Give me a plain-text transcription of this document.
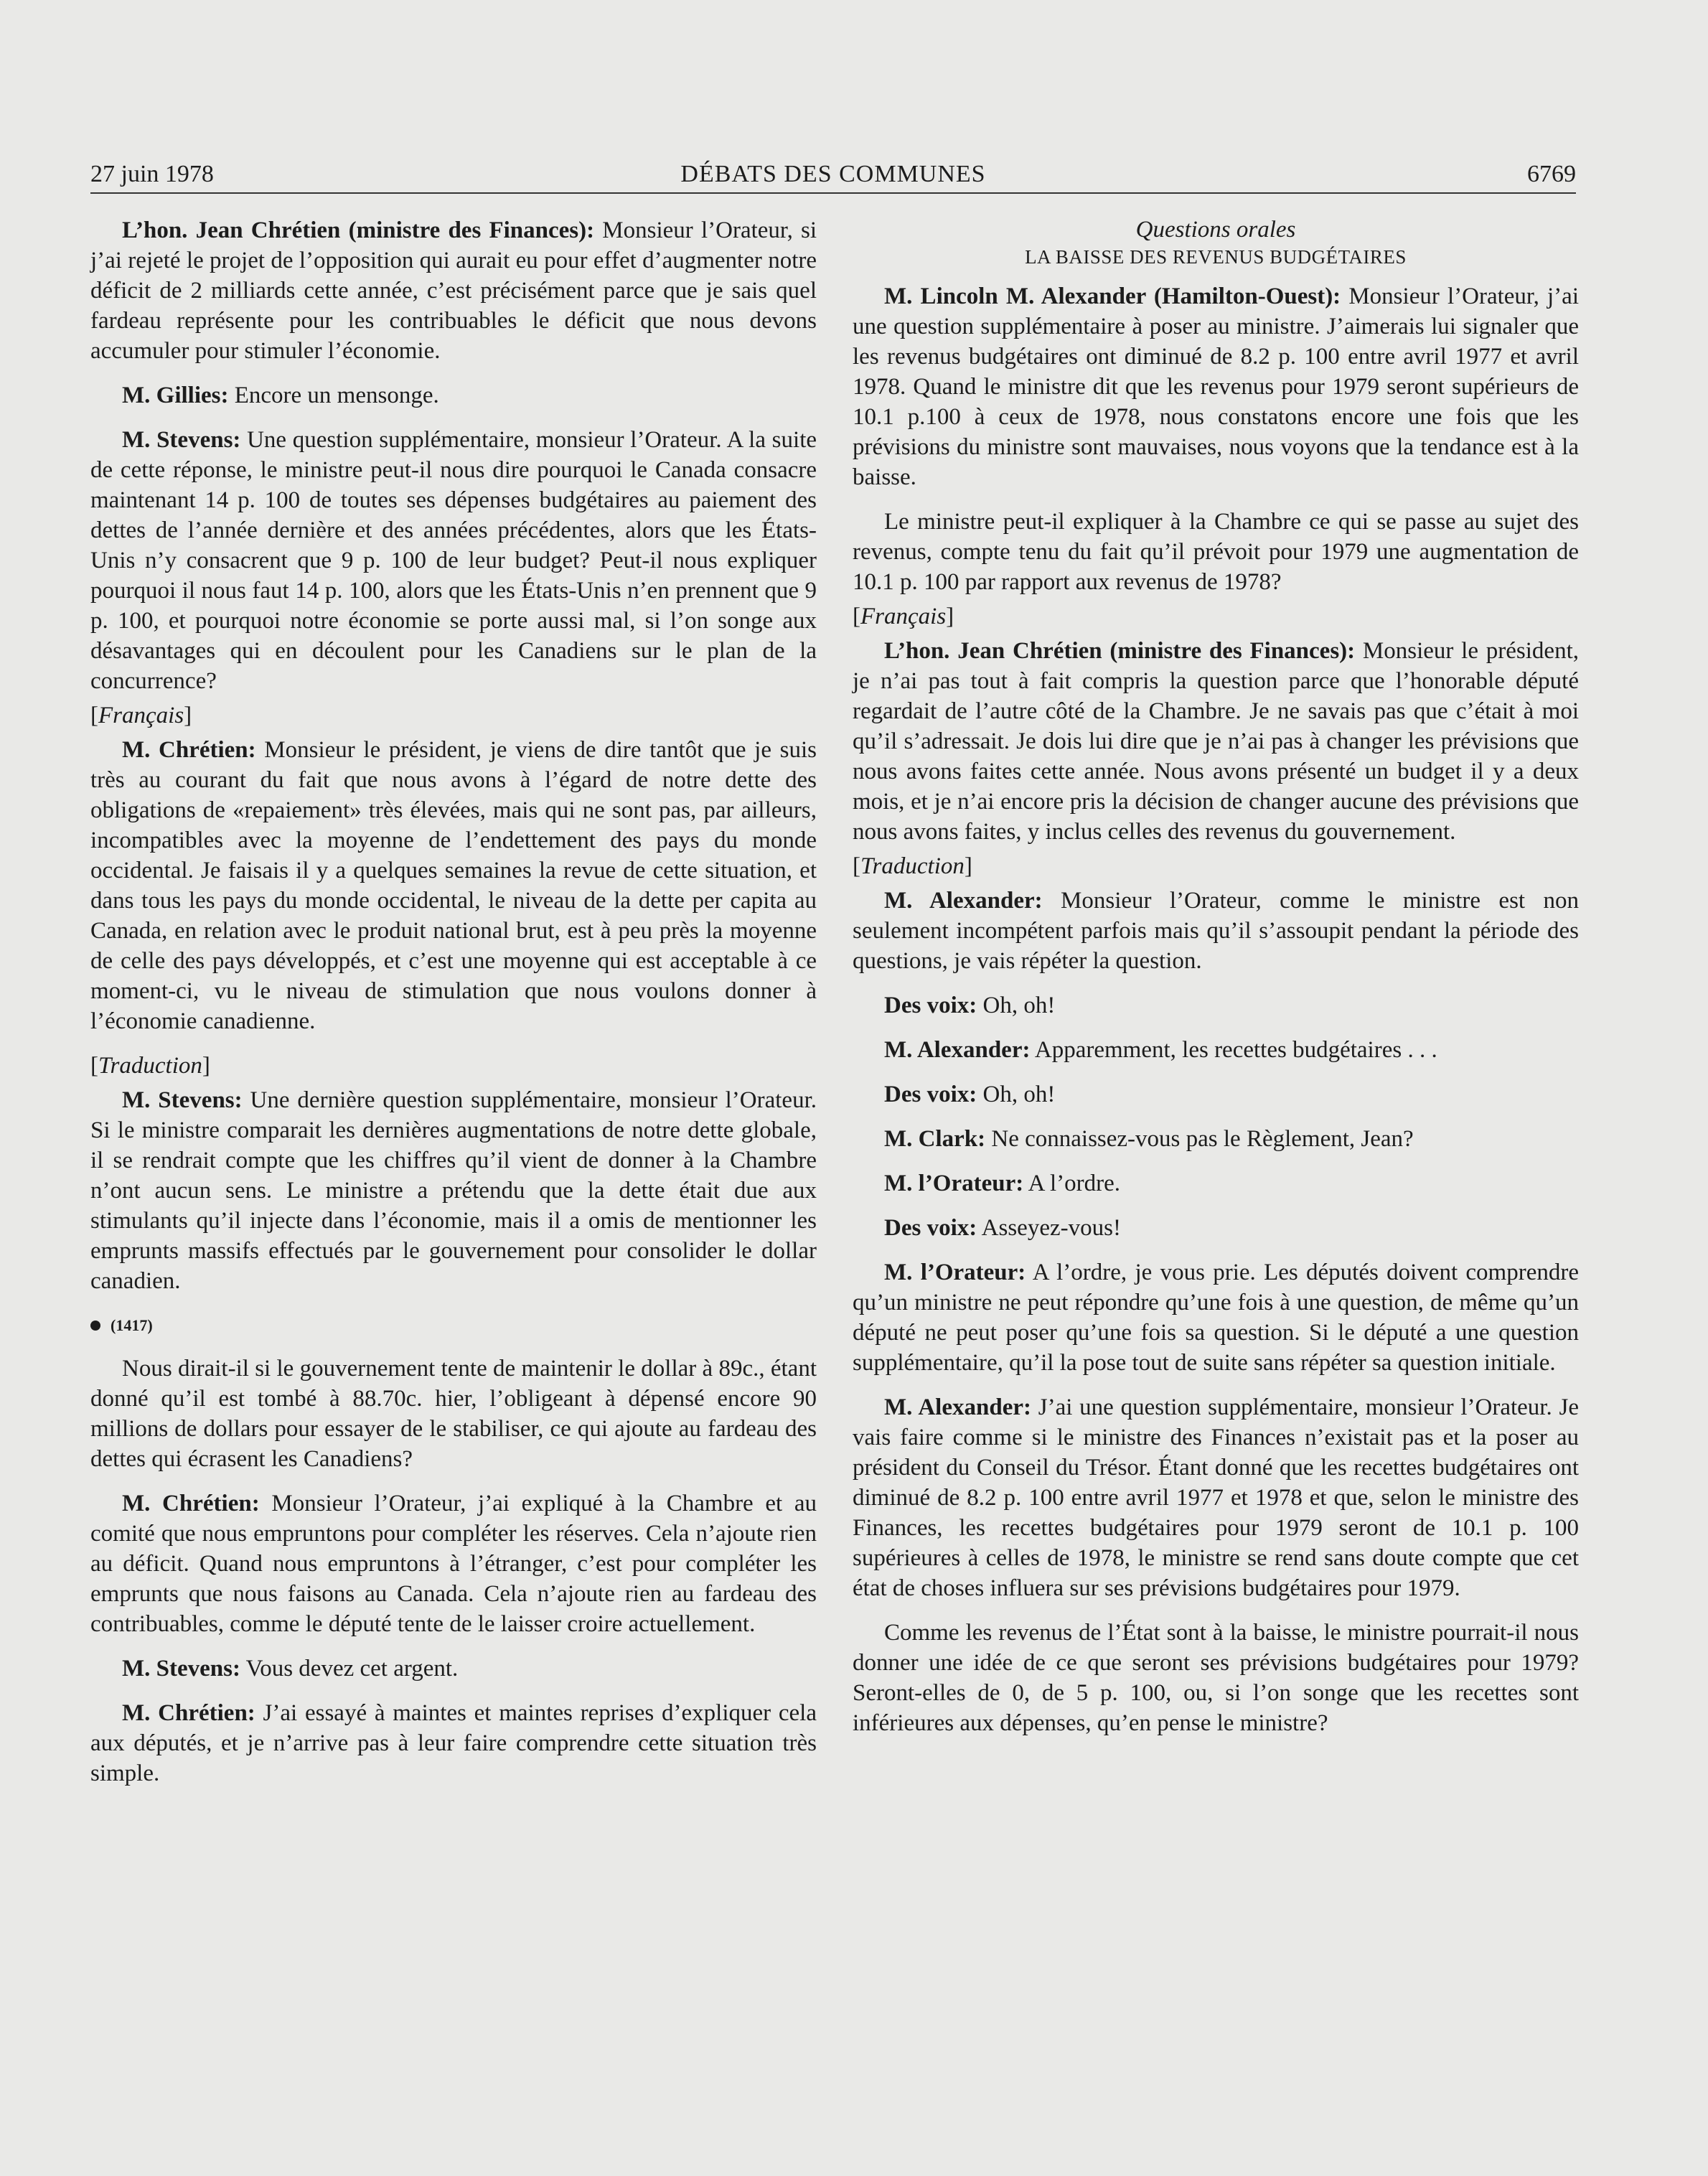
27 juin 1978	DÉBATS DES COMMUNES	6769

L’hon. Jean Chrétien (ministre des Finances): Monsieur l’Orateur, si j’ai rejeté le projet de l’opposition qui aurait eu pour effet d’augmenter notre déficit de 2 milliards cette année, c’est précisément parce que je sais quel fardeau représente pour les contribuables le déficit que nous devons accumuler pour stimuler l’économie.

M. Gillies: Encore un mensonge.

M. Stevens: Une question supplémentaire, monsieur l’Orateur. A la suite de cette réponse, le ministre peut-il nous dire pourquoi le Canada consacre maintenant 14 p. 100 de toutes ses dépenses budgétaires au paiement des dettes de l’année dernière et des années précédentes, alors que les États-Unis n’y consacrent que 9 p. 100 de leur budget? Peut-il nous expliquer pourquoi il nous faut 14 p. 100, alors que les États-Unis n’en prennent que 9 p. 100, et pourquoi notre économie se porte aussi mal, si l’on songe aux désavantages qui en découlent pour les Canadiens sur le plan de la concurrence?

[Français]

M. Chrétien: Monsieur le président, je viens de dire tantôt que je suis très au courant du fait que nous avons à l’égard de notre dette des obligations de «repaiement» très élevées, mais qui ne sont pas, par ailleurs, incompatibles avec la moyenne de l’endettement des pays du monde occidental. Je faisais il y a quelques semaines la revue de cette situation, et dans tous les pays du monde occidental, le niveau de la dette per capita au Canada, en relation avec le produit national brut, est à peu près la moyenne de celle des pays développés, et c’est une moyenne qui est acceptable à ce moment-ci, vu le niveau de stimulation que nous voulons donner à l’économie canadienne.

[Traduction]

M. Stevens: Une dernière question supplémentaire, monsieur l’Orateur. Si le ministre comparait les dernières augmentations de notre dette globale, il se rendrait compte que les chiffres qu’il vient de donner à la Chambre n’ont aucun sens. Le ministre a prétendu que la dette était due aux stimulants qu’il injecte dans l’économie, mais il a omis de mentionner les emprunts massifs effectués par le gouvernement pour consolider le dollar canadien.

(1417)

Nous dirait-il si le gouvernement tente de maintenir le dollar à 89c., étant donné qu’il est tombé à 88.70c. hier, l’obligeant à dépensé encore 90 millions de dollars pour essayer de le stabiliser, ce qui ajoute au fardeau des dettes qui écrasent les Canadiens?

M. Chrétien: Monsieur l’Orateur, j’ai expliqué à la Chambre et au comité que nous empruntons pour compléter les réserves. Cela n’ajoute rien au déficit. Quand nous empruntons à l’étranger, c’est pour compléter les emprunts que nous faisons au Canada. Cela n’ajoute rien au fardeau des contribuables, comme le député tente de le laisser croire actuellement.

M. Stevens: Vous devez cet argent.

M. Chrétien: J’ai essayé à maintes et maintes reprises d’expliquer cela aux députés, et je n’arrive pas à leur faire comprendre cette situation très simple.

Questions orales
LA BAISSE DES REVENUS BUDGÉTAIRES

M. Lincoln M. Alexander (Hamilton-Ouest): Monsieur l’Orateur, j’ai une question supplémentaire à poser au ministre. J’aimerais lui signaler que les revenus budgétaires ont diminué de 8.2 p. 100 entre avril 1977 et avril 1978. Quand le ministre dit que les revenus pour 1979 seront supérieurs de 10.1 p.100 à ceux de 1978, nous constatons encore une fois que les prévisions du ministre sont mauvaises, nous voyons que la tendance est à la baisse.

Le ministre peut-il expliquer à la Chambre ce qui se passe au sujet des revenus, compte tenu du fait qu’il prévoit pour 1979 une augmentation de 10.1 p. 100 par rapport aux revenus de 1978?

[Français]

L’hon. Jean Chrétien (ministre des Finances): Monsieur le président, je n’ai pas tout à fait compris la question parce que l’honorable député regardait de l’autre côté de la Chambre. Je ne savais pas que c’était à moi qu’il s’adressait. Je dois lui dire que je n’ai pas à changer les prévisions que nous avons faites cette année. Nous avons présenté un budget il y a deux mois, et je n’ai encore pris la décision de changer aucune des prévisions que nous avons faites, y inclus celles des revenus du gouvernement.

[Traduction]

M. Alexander: Monsieur l’Orateur, comme le ministre est non seulement incompétent parfois mais qu’il s’assoupit pendant la période des questions, je vais répéter la question.

Des voix: Oh, oh!

M. Alexander: Apparemment, les recettes budgétaires . . .

Des voix: Oh, oh!

M. Clark: Ne connaissez-vous pas le Règlement, Jean?

M. l’Orateur: A l’ordre.

Des voix: Asseyez-vous!

M. l’Orateur: A l’ordre, je vous prie. Les députés doivent comprendre qu’un ministre ne peut répondre qu’une fois à une question, de même qu’un député ne peut poser qu’une fois sa question. Si le député a une question supplémentaire, qu’il la pose tout de suite sans répéter sa question initiale.

M. Alexander: J’ai une question supplémentaire, monsieur l’Orateur. Je vais faire comme si le ministre des Finances n’existait pas et la poser au président du Conseil du Trésor. Étant donné que les recettes budgétaires ont diminué de 8.2 p. 100 entre avril 1977 et 1978 et que, selon le ministre des Finances, les recettes budgétaires pour 1979 seront de 10.1 p. 100 supérieures à celles de 1978, le ministre se rend sans doute compte que cet état de choses influera sur ses prévisions budgétaires pour 1979.

Comme les revenus de l’État sont à la baisse, le ministre pourrait-il nous donner une idée de ce que seront ses prévisions budgétaires pour 1979? Seront-elles de 0, de 5 p. 100, ou, si l’on songe que les recettes sont inférieures aux dépenses, qu’en pense le ministre?
